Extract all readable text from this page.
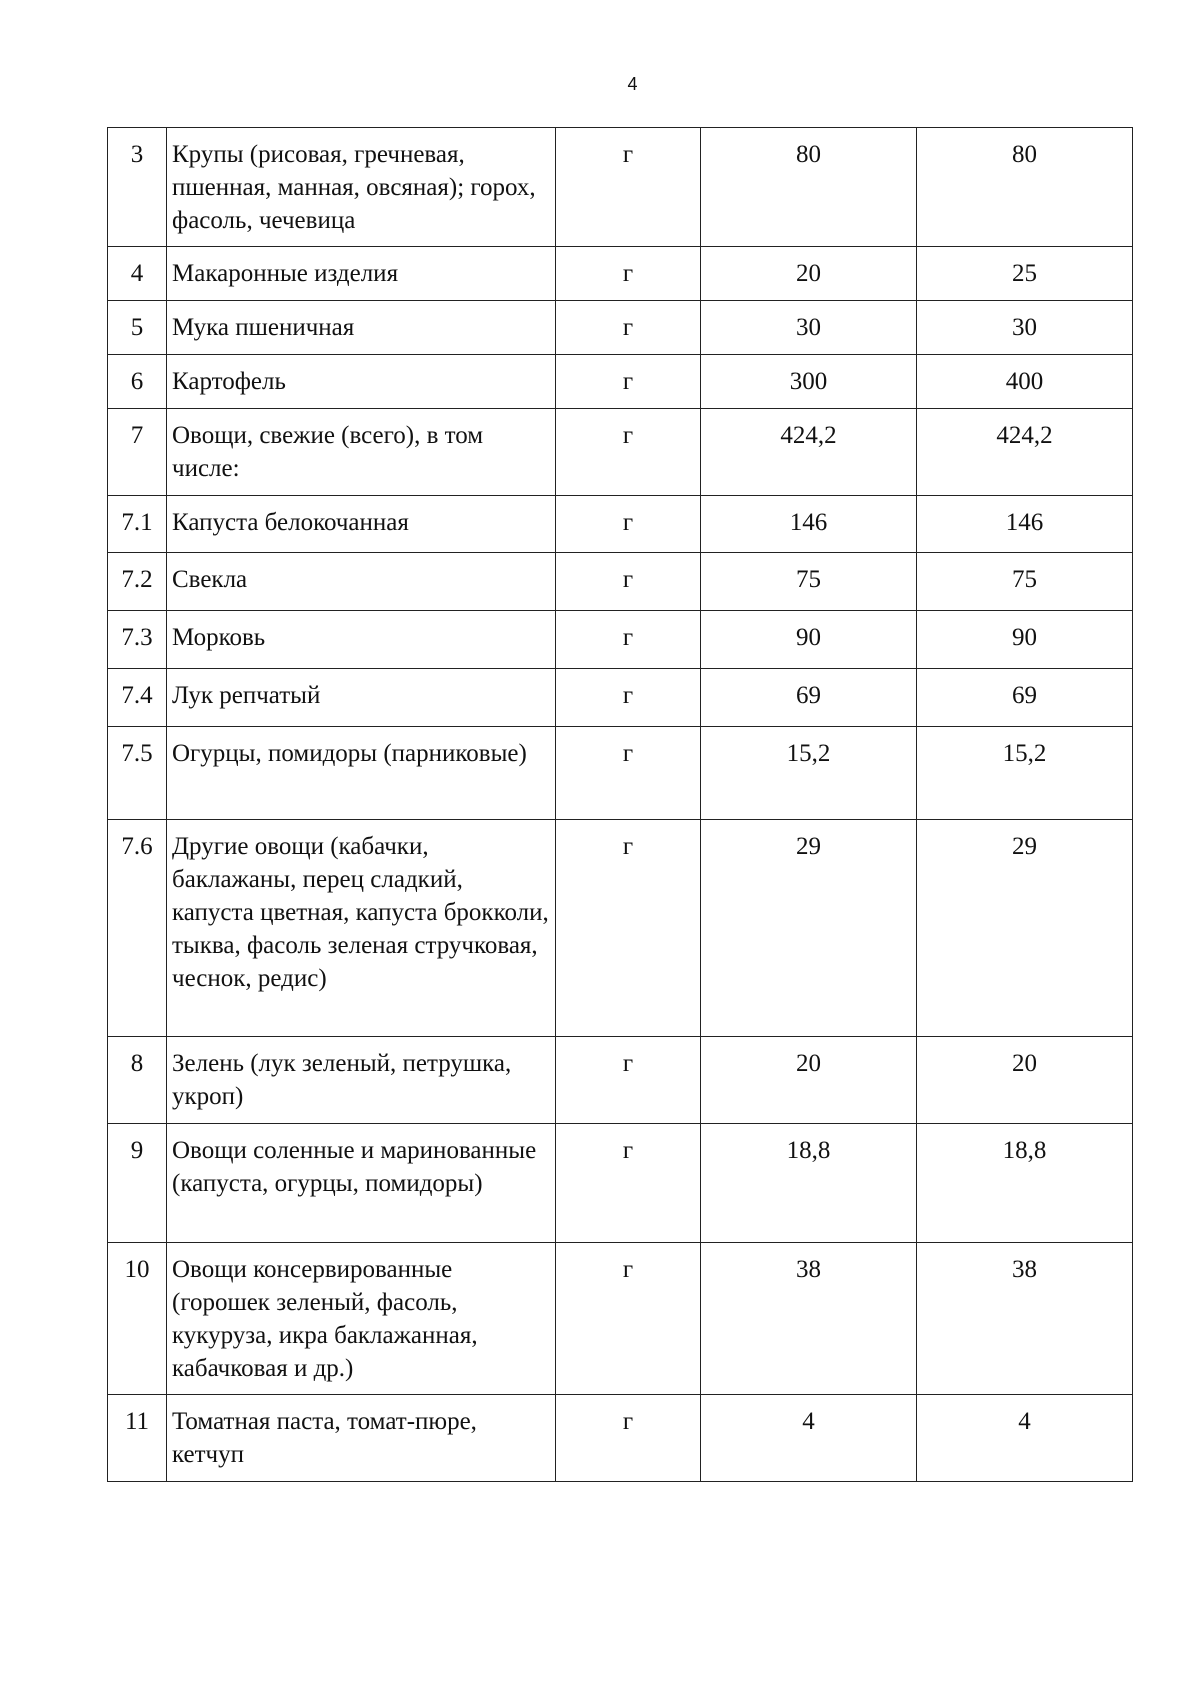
4
3	Крупы (рисовая, гречневая, пшенная, манная, овсяная); горох, фасоль, чечевица	г	80	80
4	Макаронные изделия	г	20	25
5	Мука пшеничная	г	30	30
6	Картофель	г	300	400
7	Овощи, свежие (всего), в том числе:	г	424,2	424,2
7.1	Капуста белокочанная	г	146	146
7.2	Свекла	г	75	75
7.3	Морковь	г	90	90
7.4	Лук репчатый	г	69	69
7.5	Огурцы, помидоры (парниковые)	г	15,2	15,2
7.6	Другие овощи (кабачки, баклажаны, перец сладкий, капуста цветная, капуста брокколи, тыква, фасоль зеленая стручковая, чеснок, редис)	г	29	29
8	Зелень (лук зеленый, петрушка, укроп)	г	20	20
9	Овощи соленные и маринованные (капуста, огурцы, помидоры)	г	18,8	18,8
10	Овощи консервированные (горошек зеленый, фасоль, кукуруза, икра баклажанная, кабачковая и др.)	г	38	38
11	Томатная паста, томат-пюре, кетчуп	г	4	4
